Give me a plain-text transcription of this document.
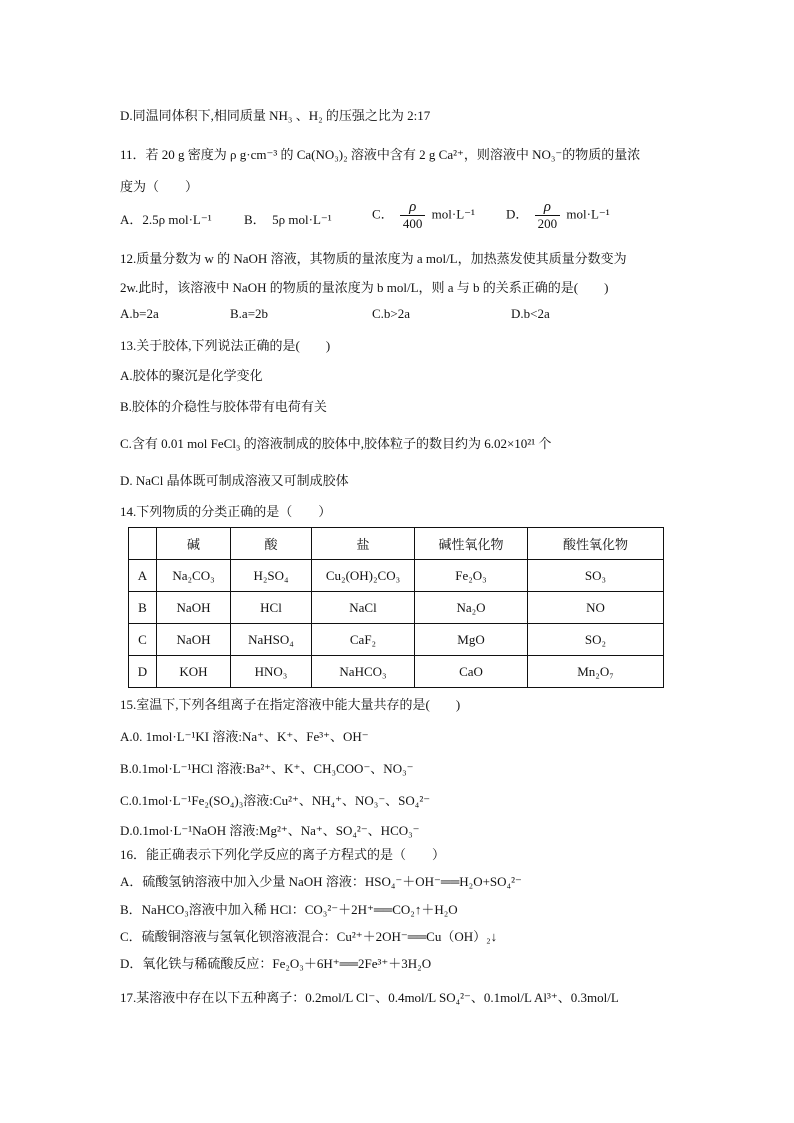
D.同温同体积下,相同质量 NH₃ 、H₂ 的压强之比为 2:17
11．若 20 g 密度为 ρ g·cm⁻³ 的 Ca(NO₃)₂ 溶液中含有 2 g Ca²⁺，则溶液中 NO₃⁻的物质的量浓
度为（　　）
A．2.5ρ mol·L⁻¹ B．　5ρ mol·L⁻¹	C． $\frac{\rho}{400} mol\cdot L^{-1}$ D． $\frac{\rho}{200} mol\cdot L^{-1}$
12.质量分数为 w 的 NaOH 溶液，其物质的量浓度为 a mol/L，加热蒸发使其质量分数变为
2w.此时，该溶液中 NaOH 的物质的量浓度为 b mol/L，则 a 与 b 的关系正确的是(　　)
A.b=2a	B.a=2b	C.b>2a	D.b<2a
13.关于胶体,下列说法正确的是(　　)
A.胶体的聚沉是化学变化
B.胶体的介稳性与胶体带有电荷有关
C.含有 0.01 mol FeCl₃ 的溶液制成的胶体中,胶体粒子的数目约为 6.02×10²¹ 个
D. NaCl 晶体既可制成溶液又可制成胶体
14.下列物质的分类正确的是（　　）
	碱	酸	盐	碱性氧化物	酸性氧化物
A	Na₂CO₃	H₂SO₄	Cu₂(OH)₂CO₃	Fe₂O₃	SO₃
B	NaOH	HCl	NaCl	Na₂O	NO
C	NaOH	NaHSO₄	CaF₂	MgO	SO₂
D	KOH	HNO₃	NaHCO₃	CaO	Mn₂O₇
15.室温下,下列各组离子在指定溶液中能大量共存的是(　　)
A.0. 1mol·L⁻¹KI 溶液:Na⁺、K⁺、Fe³⁺、OH⁻
B.0.1mol·L⁻¹HCl 溶液:Ba²⁺、K⁺、CH₃COO⁻、NO₃⁻
C.0.1mol·L⁻¹Fe₂(SO₄)₃溶液:Cu²⁺、NH₄⁺、NO₃⁻、SO₄²⁻
D.0.1mol·L⁻¹NaOH 溶液:Mg²⁺、Na⁺、SO₄²⁻、HCO₃⁻
16．能正确表示下列化学反应的离子方程式的是（　　）
A．硫酸氢钠溶液中加入少量 NaOH 溶液：HSO₄⁻＋OH⁻══H₂O+SO₄²⁻
B．NaHCO₃溶液中加入稀 HCl：CO₃²⁻＋2H⁺══CO₂↑＋H₂O
C．硫酸铜溶液与氢氧化钡溶液混合：Cu²⁺＋2OH⁻══Cu（OH）₂↓
D．氧化铁与稀硫酸反应：Fe₂O₃＋6H⁺══2Fe³⁺＋3H₂O
17.某溶液中存在以下五种离子：0.2mol/L Cl⁻、0.4mol/L SO₄²⁻、0.1mol/L Al³⁺、0.3mol/L
